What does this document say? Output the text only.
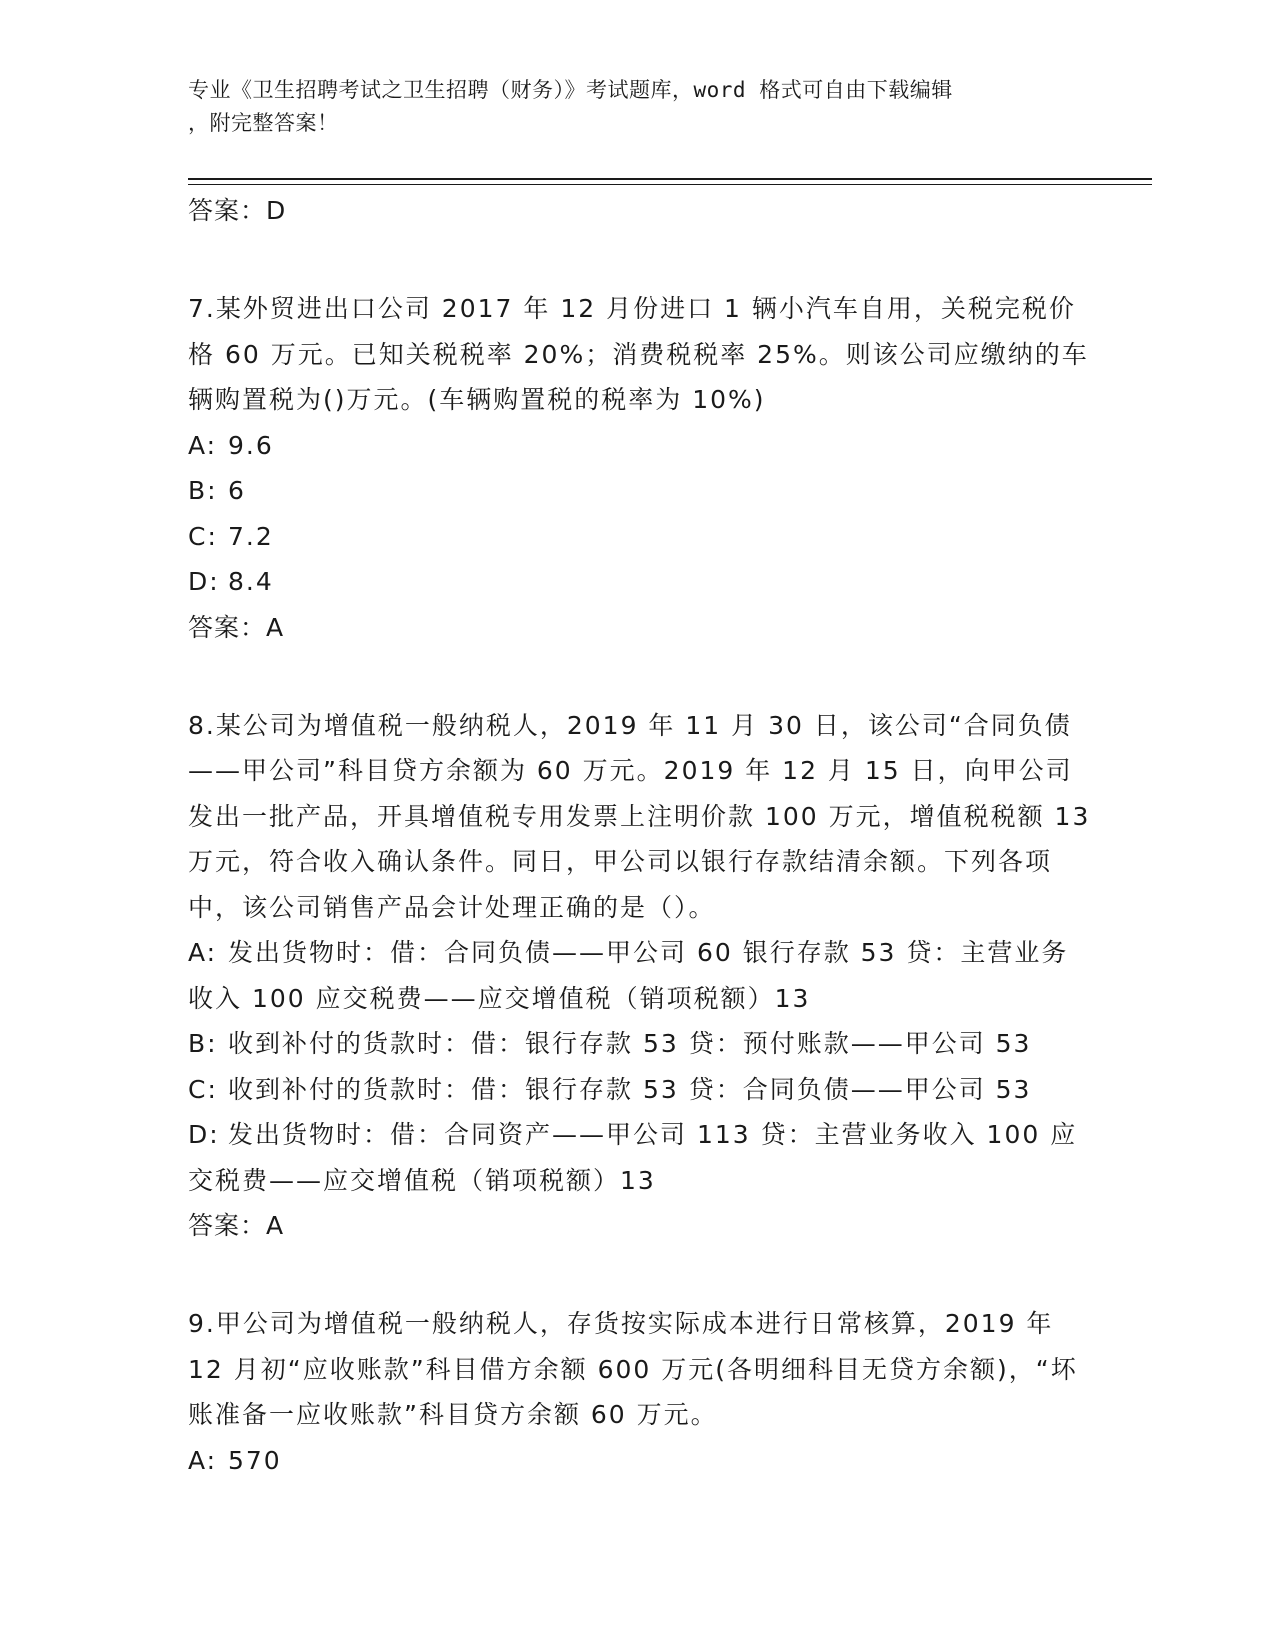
专业《卫生招聘考试之卫生招聘（财务）》考试题库，word 格式可自由下载编辑
，附完整答案！
答案：D

7.某外贸进出口公司 2017 年 12 月份进口 1 辆小汽车自用，关税完税价格 60 万元。已知关税税率 20%；消费税税率 25%。则该公司应缴纳的车辆购置税为()万元。(车辆购置税的税率为 10%)

A: 9.6
B: 6
C: 7.2
D: 8.4
答案：A

8.某公司为增值税一般纳税人，2019 年 11 月 30 日，该公司“合同负债——甲公司”科目贷方余额为 60 万元。2019 年 12 月 15 日，向甲公司发出一批产品，开具增值税专用发票上注明价款 100 万元，增值税税额 13 万元，符合收入确认条件。同日，甲公司以银行存款结清余额。下列各项中，该公司销售产品会计处理正确的是（）。

A: 发出货物时：借：合同负债——甲公司 60 银行存款 53 贷：主营业务收入 100 应交税费——应交增值税（销项税额）13
B: 收到补付的货款时：借：银行存款 53 贷：预付账款——甲公司 53
C: 收到补付的货款时：借：银行存款 53 贷：合同负债——甲公司 53
D: 发出货物时：借：合同资产——甲公司 113 贷：主营业务收入 100 应交税费——应交增值税（销项税额）13
答案：A

9.甲公司为增值税一般纳税人，存货按实际成本进行日常核算，2019 年 12 月初“应收账款”科目借方余额 600 万元(各明细科目无贷方余额)，“坏账准备一应收账款”科目贷方余额 60 万元。

A: 570
